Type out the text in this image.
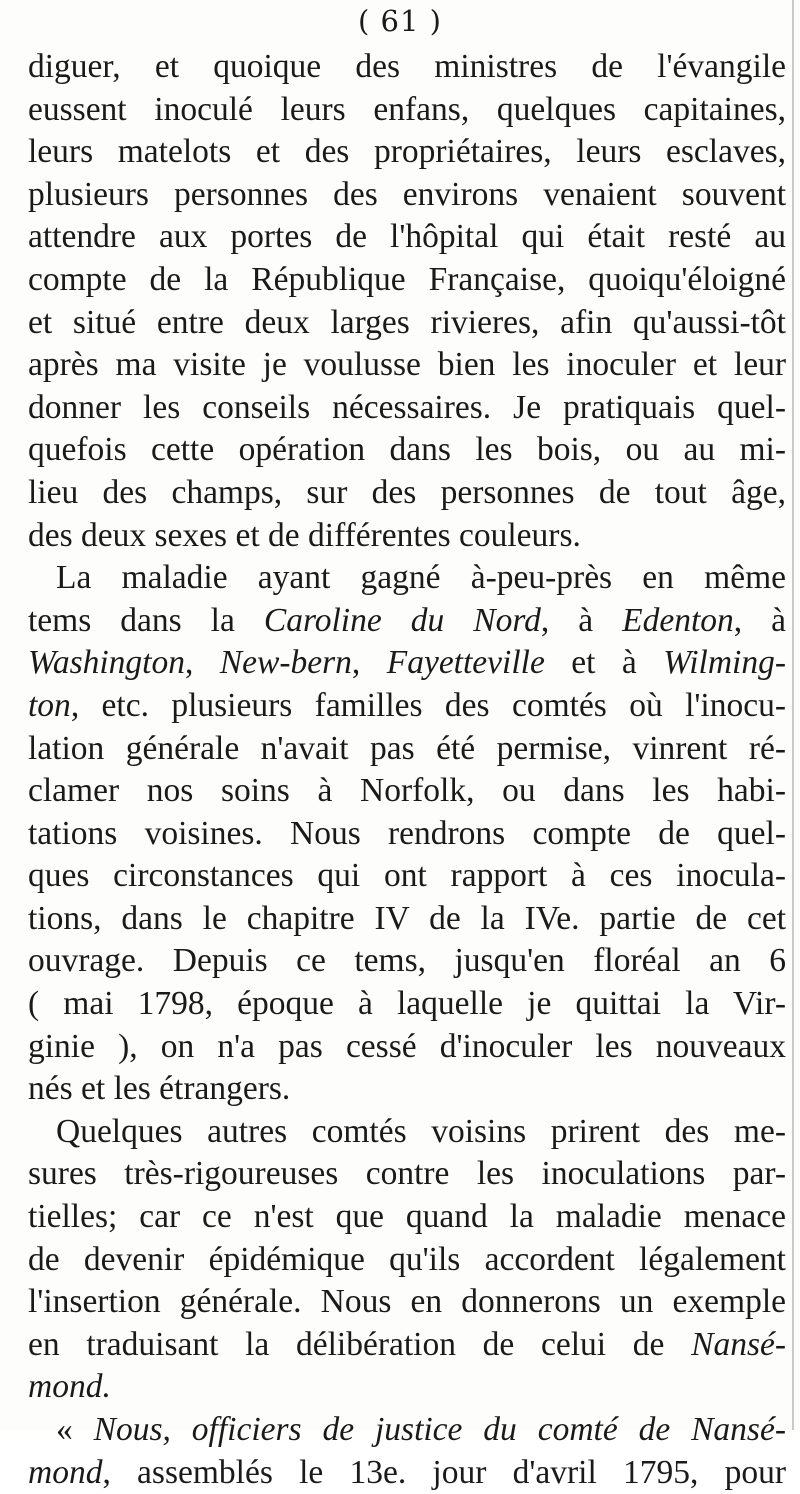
( 61 )
diguer, et quoique des ministres de l'évangile
eussent inoculé leurs enfans, quelques capitaines,
leurs matelots et des propriétaires, leurs esclaves,
plusieurs personnes des environs venaient souvent
attendre aux portes de l'hôpital qui était resté au
compte de la République Française, quoiqu'éloigné
et situé entre deux larges rivieres, afin qu'aussi-tôt
après ma visite je voulusse bien les inoculer et leur
donner les conseils nécessaires. Je pratiquais quel-
quefois cette opération dans les bois, ou au mi-
lieu des champs, sur des personnes de tout âge,
des deux sexes et de différentes couleurs.
La maladie ayant gagné à-peu-près en même
tems dans la Caroline du Nord, à Edenton, à
Washington, New-bern, Fayetteville et à Wilming-
ton, etc. plusieurs familles des comtés où l'inocu-
lation générale n'avait pas été permise, vinrent ré-
clamer nos soins à Norfolk, ou dans les habi-
tations voisines. Nous rendrons compte de quel-
ques circonstances qui ont rapport à ces inocula-
tions, dans le chapitre IV de la IVe. partie de cet
ouvrage. Depuis ce tems, jusqu'en floréal an 6
( mai 1798, époque à laquelle je quittai la Vir-
ginie ), on n'a pas cessé d'inoculer les nouveaux
nés et les étrangers.
Quelques autres comtés voisins prirent des me-
sures très-rigoureuses contre les inoculations par-
tielles; car ce n'est que quand la maladie menace
de devenir épidémique qu'ils accordent légalement
l'insertion générale. Nous en donnerons un exemple
en traduisant la délibération de celui de Nansé-
mond.
« Nous, officiers de justice du comté de Nansé-
mond, assemblés le 13e. jour d'avril 1795, pour
